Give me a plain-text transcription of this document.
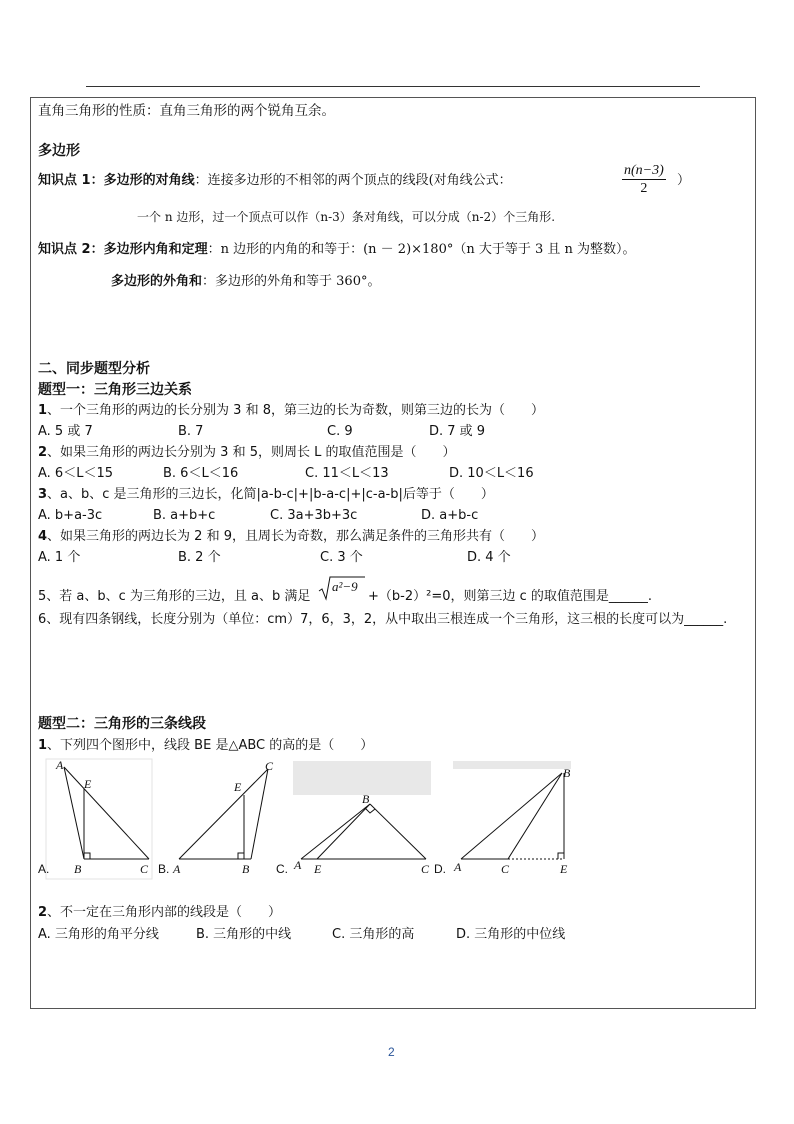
直角三角形的性质：直角三角形的两个锐角互余。
多边形
知识点 1：多边形的对角线：连接多边形的不相邻的两个顶点的线段(对角线公式：	$\frac{n(n-3)}{2}$ ）
一个 n 边形，过一个顶点可以作（n-3）条对角线，可以分成（n-2）个三角形.
知识点 2：多边形内角和定理：n 边形的内角的和等于：(n － 2)×180°（n 大于等于 3 且 n 为整数）。
多边形的外角和：多边形的外角和等于 360°。
二、同步题型分析
题型一：三角形三边关系
1、一个三角形的两边的长分别为 3 和 8，第三边的长为奇数，则第三边的长为（　　）
A. 5 或 7	B. 7	C. 9	D. 7 或 9
2、如果三角形的两边长分别为 3 和 5，则周长 L 的取值范围是（　　）
A. 6＜L＜15	B. 6＜L＜16	C. 11＜L＜13	D. 10＜L＜16
3、a、b、c 是三角形的三边长，化简|a-b-c|+|b-a-c|+|c-a-b|后等于（　　）
A. b+a-3c	B. a+b+c	C. 3a+3b+3c	D. a+b-c
4、如果三角形的两边长为 2 和 9，且周长为奇数，那么满足条件的三角形共有（　　）
A. 1 个	B. 2 个	C. 3 个	D. 4 个
5、若 a、b、c 为三角形的三边，且 a、b 满足
a²−9
+（b-2）²=0，则第三边 c 的取值范围是______.
6、现有四条钢线，长度分别为（单位：cm）7，6，3，2，从中取出三根连成一个三角形，这三根的长度可以为______.
题型二：三角形的三条线段
1、下列四个图形中，线段 BE 是△ABC 的高的是（　　）
A
E
B	C
A.
C
E
A	B
B.
B
A E	C
C.
B
A	C	E
D.
2、不一定在三角形内部的线段是（　　）
A. 三角形的角平分线	B. 三角形的中线	C. 三角形的高	D. 三角形的中位线
2
